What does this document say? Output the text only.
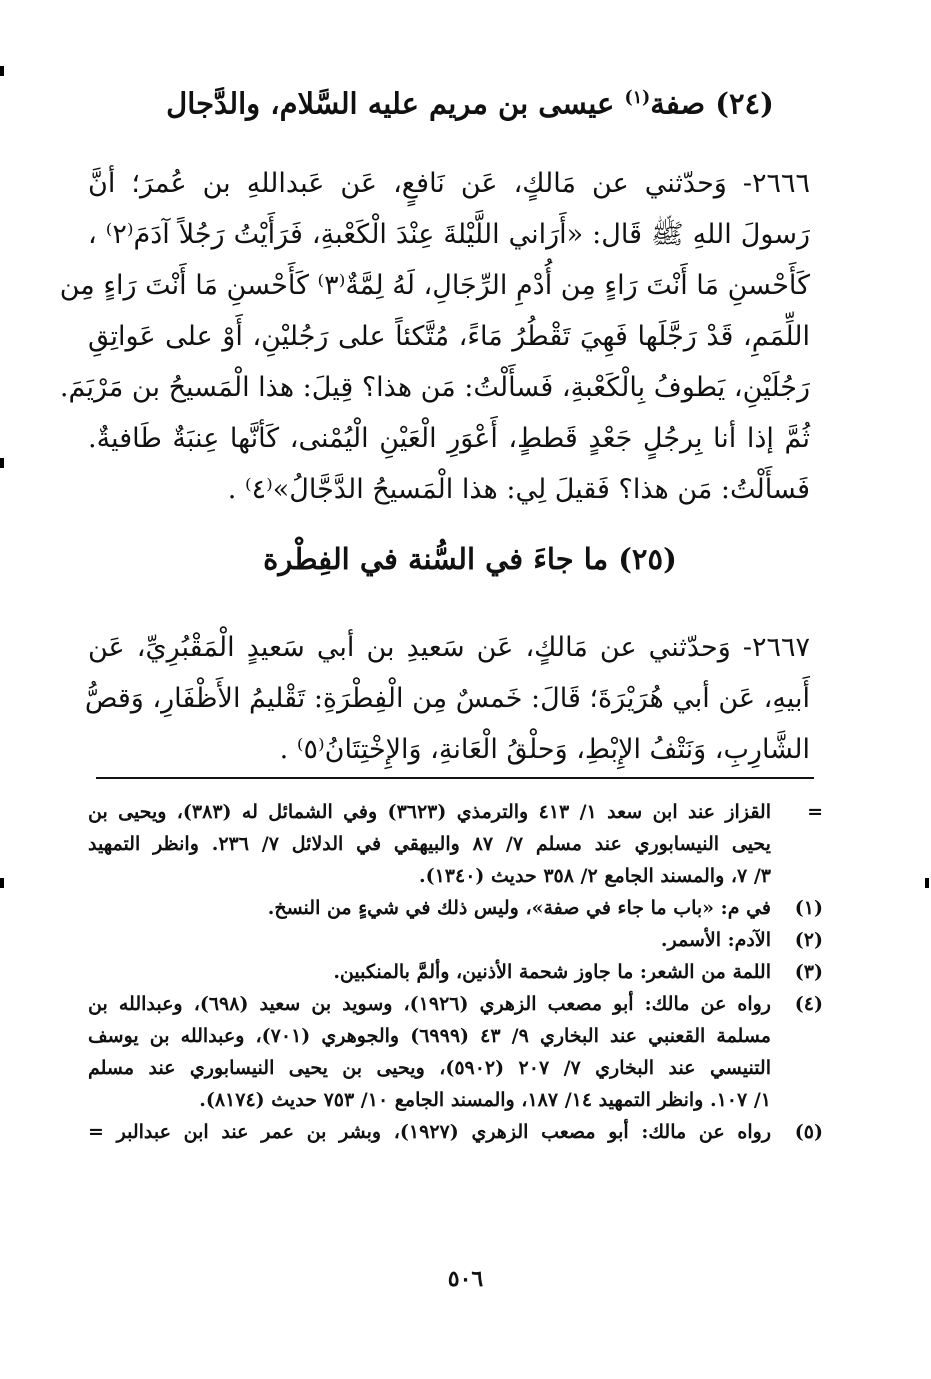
(٢٤) صفة$^{(١)}$ عيسى بن مريم عليه السَّلام، والدَّجال
٢٦٦٦- وَحدّثني عن مَالكٍ، عَن نَافعٍ، عَن عَبداللهِ بن عُمرَ؛ أنَّ
رَسولَ اللهِ ﷺ قَال: «أَرَاني اللَّيْلةَ عِنْدَ الْكَعْبةِ، فَرَأَيْتُ رَجُلاً آدَمَ⁽٢⁾ ،
كَأَحْسنِ مَا أَنْتَ رَاءٍ مِن أُدْمِ الرِّجَالِ، لَهُ لِمَّةٌ⁽٣⁾ كَأَحْسنِ مَا أَنْتَ رَاءٍ مِن
اللِّمَمِ، قَدْ رَجَّلَها فَهِيَ تَقْطُرُ مَاءً، مُتَّكئاً على رَجُليْنِ، أَوْ على عَواتِقِ
رَجُلَيْنِ، يَطوفُ بِالْكَعْبةِ، فَسأَلْتُ: مَن هذا؟ قِيلَ: هذا الْمَسيحُ بن مَرْيَمَ.
ثُمَّ إذا أنا بِرجُلٍ جَعْدٍ قَططٍ، أَعْوَرِ الْعَيْنِ الْيُمْنى، كَأنَّها عِنبَةٌ طَافيةٌ.
فَسأَلْتُ: مَن هذا؟ فَقيلَ لِي: هذا الْمَسيحُ الدَّجَّالُ»⁽٤⁾ .
(٢٥) ما جاءَ في السُّنة في الفِطْرة
٢٦٦٧- وَحدّثني عن مَالكٍ، عَن سَعيدِ بن أبي سَعيدٍ الْمَقْبُرِيِّ، عَن
أَبيهِ، عَن أبي هُرَيْرَةَ؛ قَالَ: خَمسٌ مِن الْفِطْرَةِ: تَقْليمُ الأَظْفَارِ، وَقصُّ
الشَّارِبِ، وَنَتْفُ الإِبْطِ، وَحلْقُ الْعَانةِ، وَالإِخْتِتَانُ⁽٥⁾ .
=القزاز عند ابن سعد ١/ ٤١٣ والترمذي (٣٦٢٣) وفي الشمائل له (٣٨٣)، ويحيى بن
يحيى النيسابوري عند مسلم ٧/ ٨٧ والبيهقي في الدلائل ٧/ ٢٣٦. وانظر التمهيد
٣/ ٧، والمسند الجامع ٢/ ٣٥٨ حديث (١٣٤٠).
(١)في م: «باب ما جاء في صفة»، وليس ذلك في شيءٍ من النسخ.
(٢)الآدم: الأسمر.
(٣)اللمة من الشعر: ما جاوز شحمة الأذنين، وألمَّ بالمنكبين.
(٤)رواه عن مالك: أبو مصعب الزهري (١٩٢٦)، وسويد بن سعيد (٦٩٨)، وعبدالله بن
مسلمة القعنبي عند البخاري ٩/ ٤٣ (٦٩٩٩) والجوهري (٧٠١)، وعبدالله بن يوسف
التنيسي عند البخاري ٧/ ٢٠٧ (٥٩٠٢)، ويحيى بن يحيى النيسابوري عند مسلم
١/ ١٠٧. وانظر التمهيد ١٤/ ١٨٧، والمسند الجامع ١٠/ ٧٥٣ حديث (٨١٧٤).
(٥)رواه عن مالك: أبو مصعب الزهري (١٩٢٧)، وبشر بن عمر عند ابن عبدالبر =
٥٠٦
